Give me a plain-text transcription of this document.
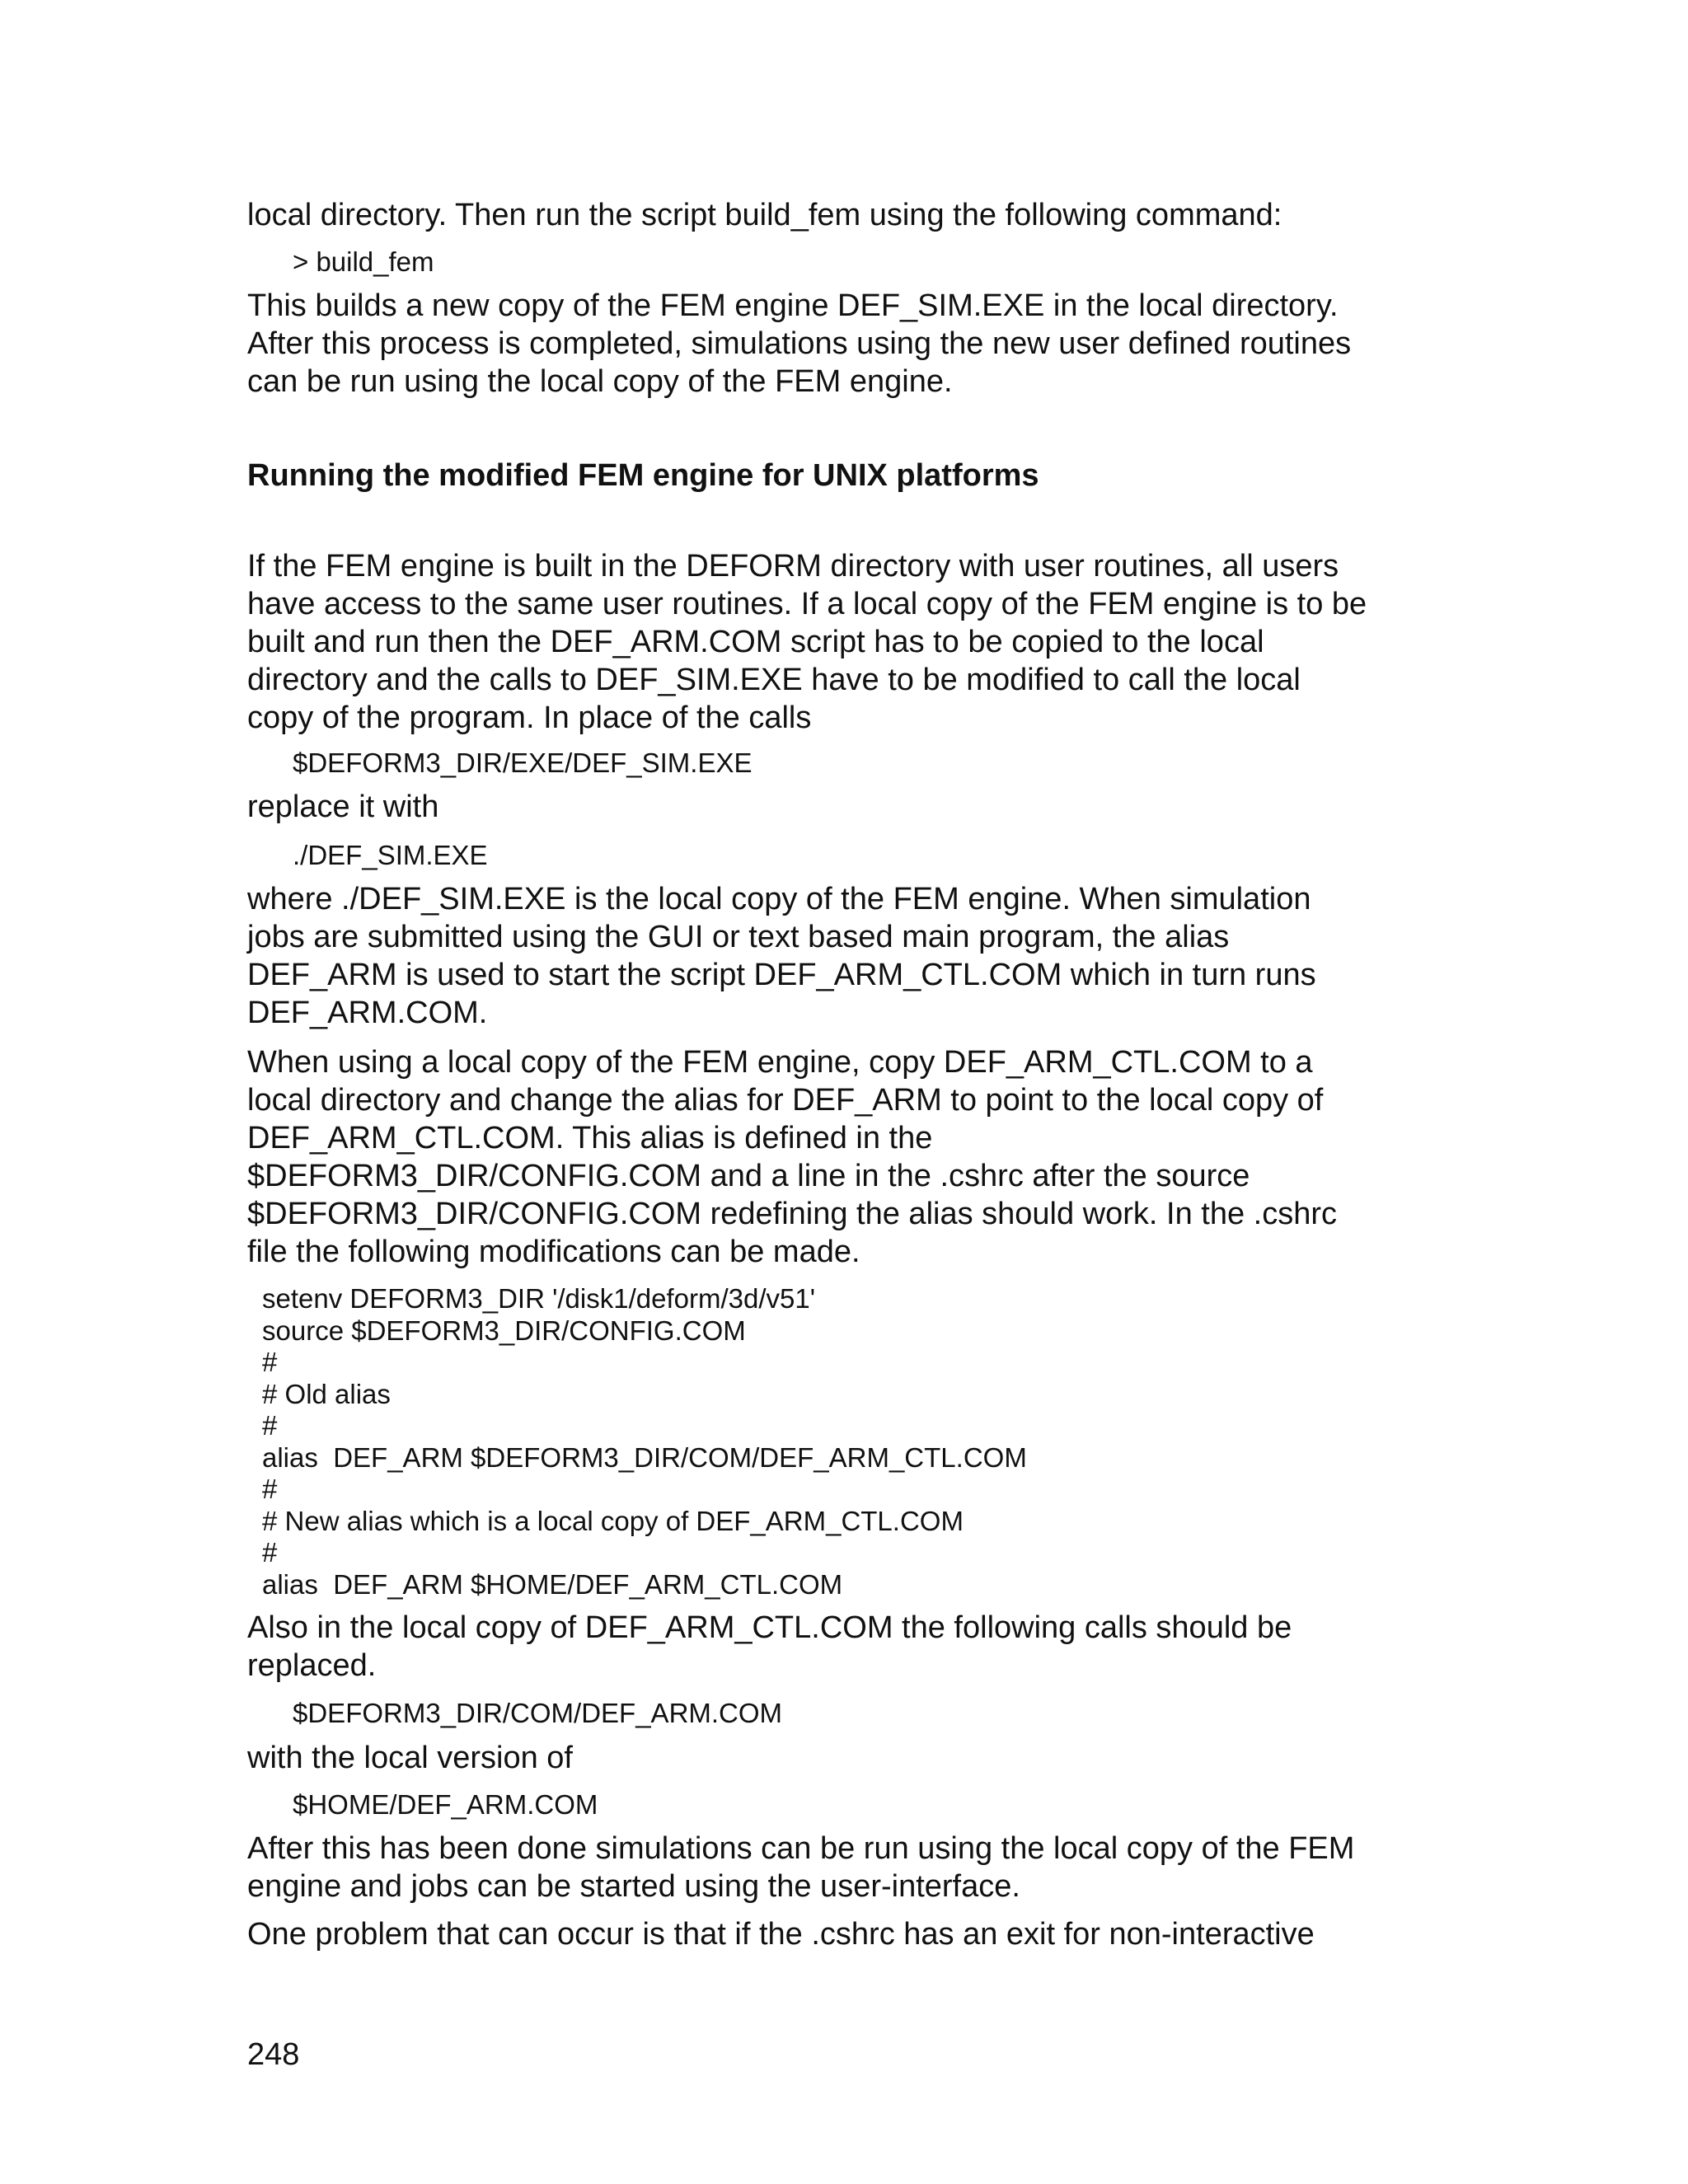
local directory. Then run the script build_fem using the following command:

> build_fem

This builds a new copy of the FEM engine DEF_SIM.EXE in the local directory.
After this process is completed, simulations using the new user defined routines
can be run using the local copy of the FEM engine.

Running the modified FEM engine for UNIX platforms

If the FEM engine is built in the DEFORM directory with user routines, all users
have access to the same user routines. If a local copy of the FEM engine is to be
built and run then the DEF_ARM.COM script has to be copied to the local
directory and the calls to DEF_SIM.EXE have to be modified to call the local
copy of the program. In place of the calls

$DEFORM3_DIR/EXE/DEF_SIM.EXE

replace it with

./DEF_SIM.EXE

where ./DEF_SIM.EXE is the local copy of the FEM engine. When simulation
jobs are submitted using the GUI or text based main program, the alias
DEF_ARM is used to start the script DEF_ARM_CTL.COM which in turn runs
DEF_ARM.COM.

When using a local copy of the FEM engine, copy DEF_ARM_CTL.COM to a
local directory and change the alias for DEF_ARM to point to the local copy of
DEF_ARM_CTL.COM. This alias is defined in the
$DEFORM3_DIR/CONFIG.COM and a line in the .cshrc after the source
$DEFORM3_DIR/CONFIG.COM redefining the alias should work. In the .cshrc
file the following modifications can be made.

setenv DEFORM3_DIR '/disk1/deform/3d/v51'
source $DEFORM3_DIR/CONFIG.COM
#
# Old alias
#
alias  DEF_ARM $DEFORM3_DIR/COM/DEF_ARM_CTL.COM
#
# New alias which is a local copy of DEF_ARM_CTL.COM
#
alias  DEF_ARM $HOME/DEF_ARM_CTL.COM

Also in the local copy of DEF_ARM_CTL.COM the following calls should be
replaced.

$DEFORM3_DIR/COM/DEF_ARM.COM

with the local version of

$HOME/DEF_ARM.COM

After this has been done simulations can be run using the local copy of the FEM
engine and jobs can be started using the user-interface.

One problem that can occur is that if the .cshrc has an exit for non-interactive

248
